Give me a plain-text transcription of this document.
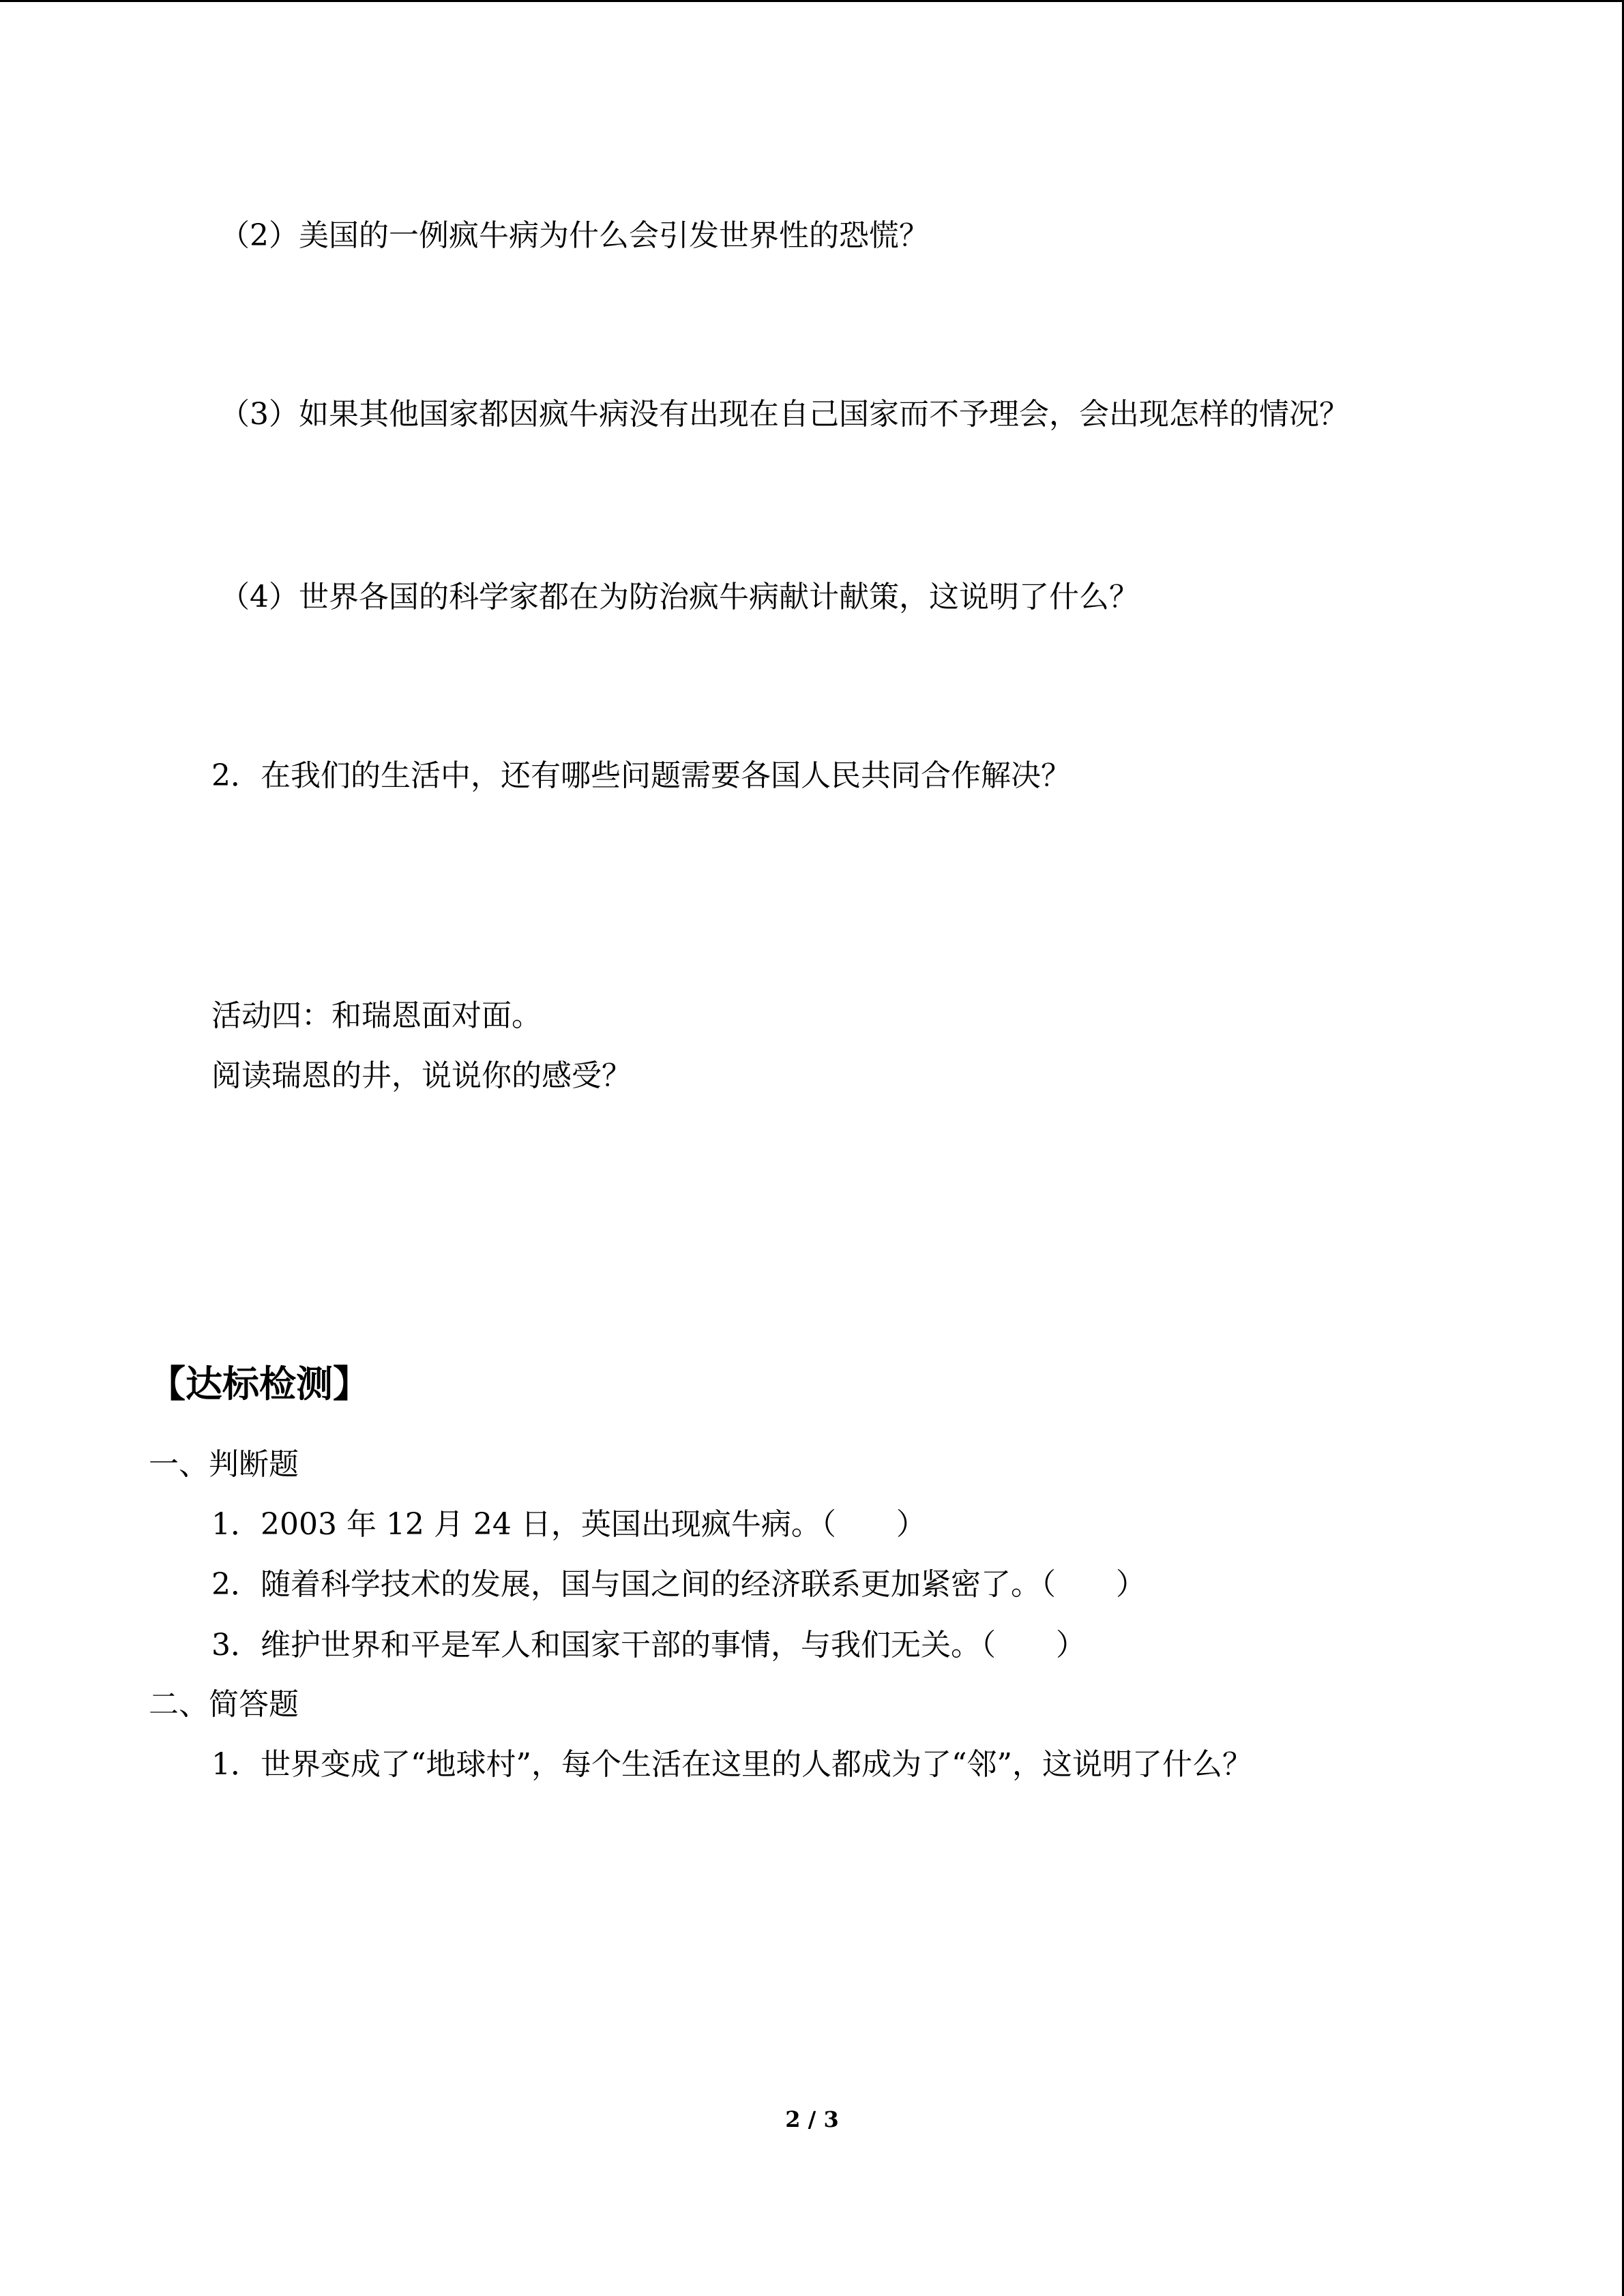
（2）美国的一例疯牛病为什么会引发世界性的恐慌？
（3）如果其他国家都因疯牛病没有出现在自己国家而不予理会，会出现怎样的情况？
（4）世界各国的科学家都在为防治疯牛病献计献策，这说明了什么？
2．在我们的生活中，还有哪些问题需要各国人民共同合作解决？
活动四：和瑞恩面对面。
阅读瑞恩的井，说说你的感受？
【达标检测】
一、判断题
1．2003 年 12 月 24 日，英国出现疯牛病。（　　）
2．随着科学技术的发展，国与国之间的经济联系更加紧密了。（　　）
3．维护世界和平是军人和国家干部的事情，与我们无关。（　　）
二、简答题
1．世界变成了“地球村”，每个生活在这里的人都成为了“邻”，这说明了什么？
2 / 3
